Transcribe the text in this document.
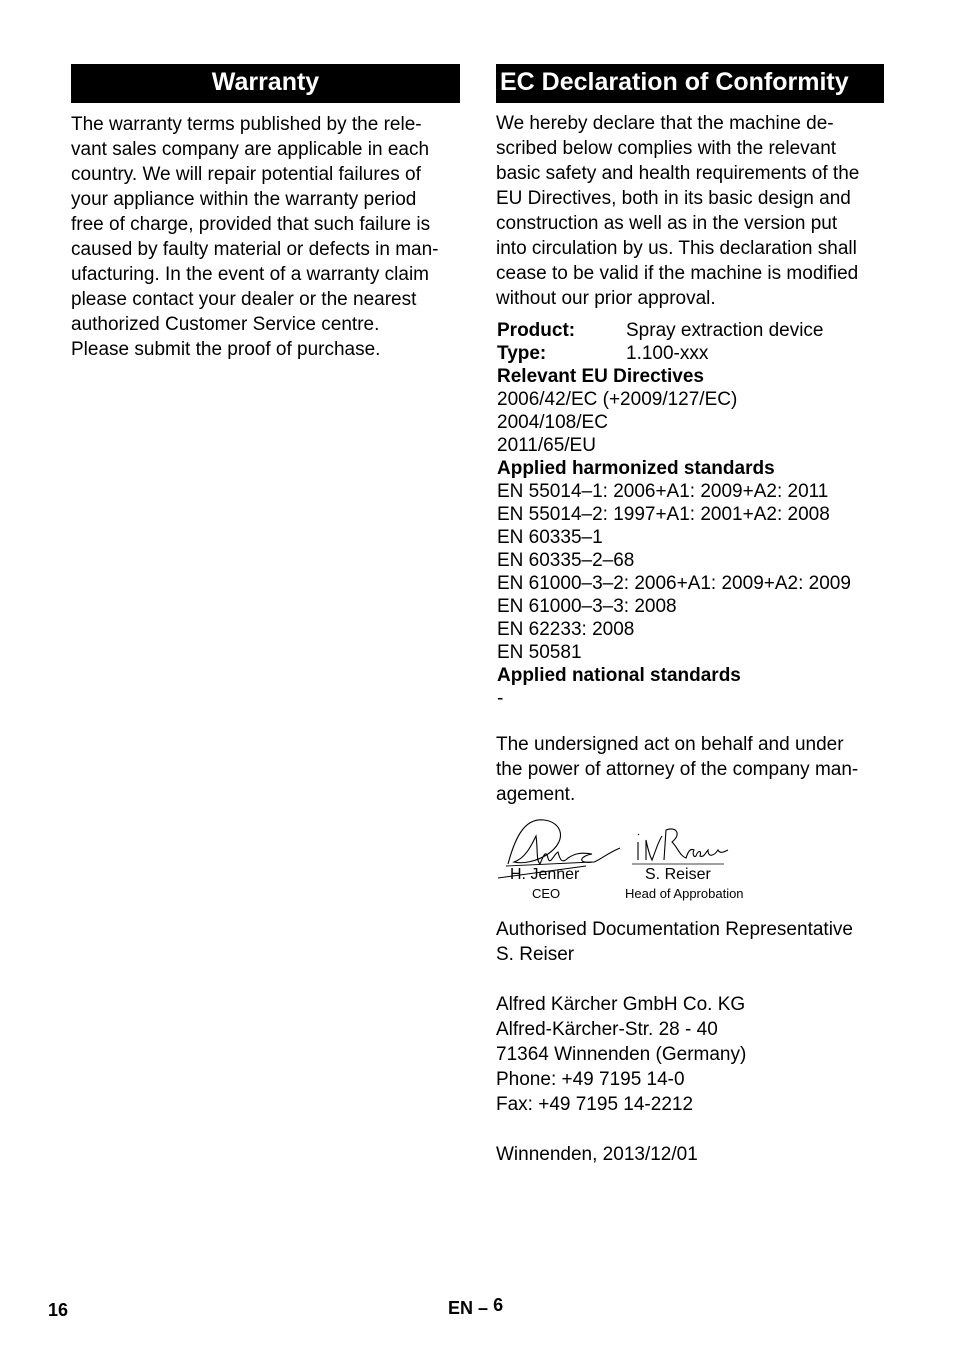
Warranty
The warranty terms published by the rele-
vant sales company are applicable in each
country. We will repair potential failures of
your appliance within the warranty period
free of charge, provided that such failure is
caused by faulty material or defects in man-
ufacturing. In the event of a warranty claim
please contact your dealer or the nearest
authorized Customer Service centre.
Please submit the proof of purchase.
EC Declaration of Conformity
We hereby declare that the machine de-
scribed below complies with the relevant
basic safety and health requirements of the
EU Directives, both in its basic design and
construction as well as in the version put
into circulation by us. This declaration shall
cease to be valid if the machine is modified
without our prior approval.
Product:	Spray extraction device
Type:	1.100-xxx
Relevant EU Directives
2006/42/EC (+2009/127/EC)
2004/108/EC
2011/65/EU
Applied harmonized standards
EN 55014–1: 2006+A1: 2009+A2: 2011
EN 55014–2: 1997+A1: 2001+A2: 2008
EN 60335–1
EN 60335–2–68
EN 61000–3–2: 2006+A1: 2009+A2: 2009
EN 61000–3–3: 2008
EN 62233: 2008
EN 50581
Applied national standards
-
The undersigned act on behalf and under
the power of attorney of the company man-
agement.
H. Jenner
CEO
S. Reiser
Head of Approbation
Authorised Documentation Representative
S. Reiser
Alfred Kärcher GmbH Co. KG
Alfred-Kärcher-Str. 28 - 40
71364 Winnenden (Germany)
Phone: +49 7195 14-0
Fax: +49 7195 14-2212
Winnenden, 2013/12/01
16	EN – 6
